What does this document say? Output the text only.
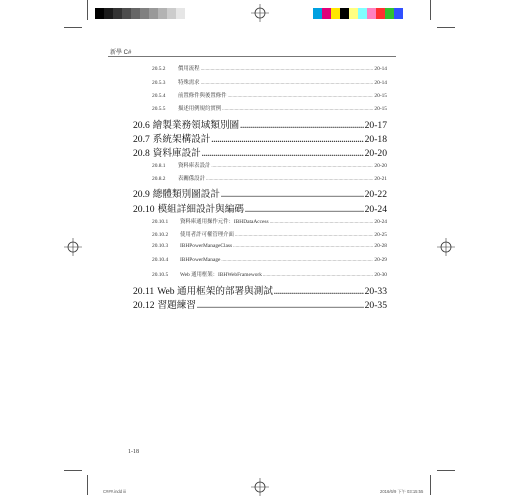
新學 C#
20.5.2	價用流程 .....	20-14
20.5.3	特殊需求 .....	20-14
20.5.4	前置條件與後置條件 .....	20-15
20.5.5	描述用例規約實例 .....	20-15
20.6 繪製業務領域類別圖 .....	20-17
20.7 系統架構設計 .....	20-18
20.8 資料庫設計 .....	20-20
20.8.1	資料庫表設計 .....	20-20
20.8.2	表關係設計 .....	20-21
20.9 總體類別圖設計 .....	20-22
20.10 模組詳細設計與編碼 .....	20-24
20.10.1	資料庫通用操作元件：IBHDataAccess .....	20-24
20.10.2	使用者許可權管理介面 .....	20-25
20.10.3	IBHPowerManageClass .....	20-28
20.10.4	IBHPowerManage .....	20-29
20.10.5	Web 通用框架：IBHWebFramework .....	20-30
20.11 Web 通用框架的部署與測試 .....	20-33
20.12 習題練習 .....	20-35
1-18
C###.indd iii	2016/6/9 下午 03:15:55
